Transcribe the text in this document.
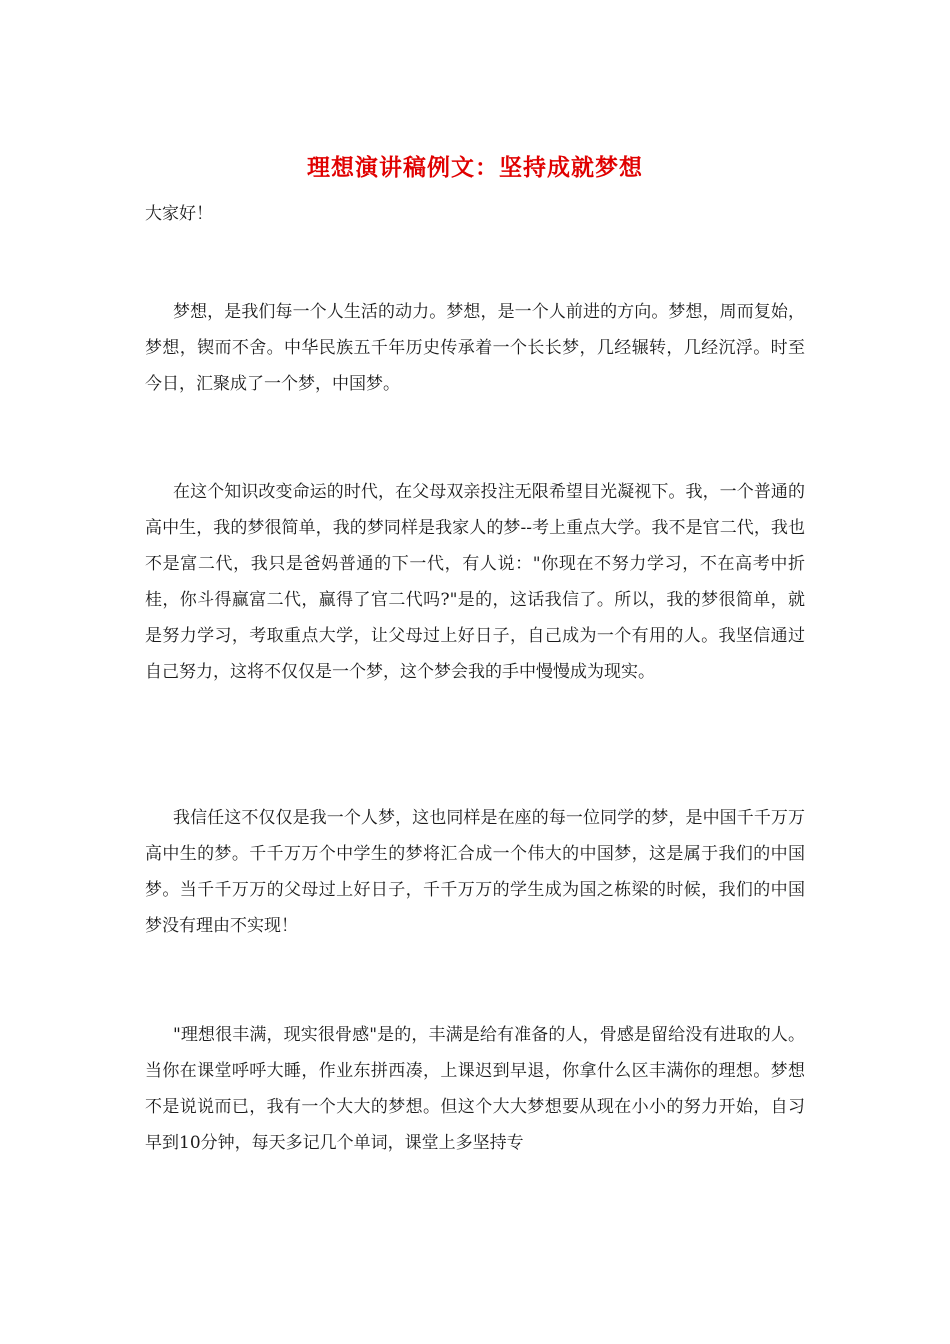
理想演讲稿例文：坚持成就梦想
大家好！

梦想，是我们每一个人生活的动力。梦想，是一个人前进的方向。梦想，周而复始，梦想，锲而不舍。中华民族五千年历史传承着一个长长梦，几经辗转，几经沉浮。时至今日，汇聚成了一个梦，中国梦。

在这个知识改变命运的时代，在父母双亲投注无限希望目光凝视下。我，一个普通的高中生，我的梦很简单，我的梦同样是我家人的梦--考上重点大学。我不是官二代，我也不是富二代，我只是爸妈普通的下一代，有人说："你现在不努力学习，不在高考中折桂，你斗得赢富二代，赢得了官二代吗?"是的，这话我信了。所以，我的梦很简单，就是努力学习，考取重点大学，让父母过上好日子，自己成为一个有用的人。我坚信通过自己努力，这将不仅仅是一个梦，这个梦会我的手中慢慢成为现实。

我信任这不仅仅是我一个人梦，这也同样是在座的每一位同学的梦，是中国千千万万高中生的梦。千千万万个中学生的梦将汇合成一个伟大的中国梦，这是属于我们的中国梦。当千千万万的父母过上好日子，千千万万的学生成为国之栋梁的时候，我们的中国梦没有理由不实现！

"理想很丰满，现实很骨感"是的，丰满是给有准备的人，骨感是留给没有进取的人。当你在课堂呼呼大睡，作业东拼西凑，上课迟到早退，你拿什么区丰满你的理想。梦想不是说说而已，我有一个大大的梦想。但这个大大梦想要从现在小小的努力开始，自习早到10分钟，每天多记几个单词，课堂上多坚持专
